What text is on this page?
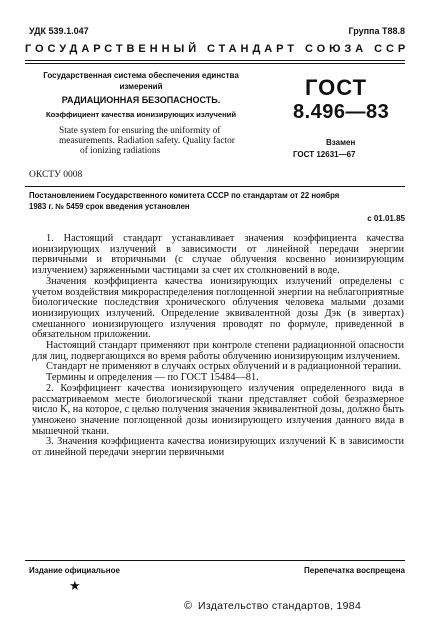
УДК 539.1.047	Группа Т88.8
ГОСУДАРСТВЕННЫЙ СТАНДАРТ СОЮЗА ССР
Государственная система обеспечения единства
измерений
РАДИАЦИОННАЯ БЕЗОПАСНОСТЬ.
Коэффициент качества ионизирующих излучений
State system for ensuring the uniformity of
measurements. Radiation safety. Quality factor
of ionizing radiations
ГОСТ
8.496—83
Взамен
ГОСТ 12631—67
ОКСТУ 0008
Постановлением Государственного комитета СССР по стандартам от 22 ноября
1983 г. № 5459 срок введения установлен
с 01.01.85

1. Настоящий стандарт устанавливает значения коэффициента качества ионизирующих излучений в зависимости от линейной передачи энергии первичными и вторичными (с случае облучения косвенно ионизирующим излучением) заряженными частицами за счет их столкновений в воде.

Значения коэффициента качества ионизирующих излучений определены с учетом воздействия микрораспределения поглощенной энергии на неблагоприятные биологические последствия хронического облучения человека малыми дозами ионизирующих излучений. Определение эквивалентной дозы Дэк (в зивертах) смешанного ионизирующего излучения проводят по формуле, приведенной в обязательном приложении.

Настоящий стандарт применяют при контроле степени радиационной опасности для лиц, подвергающихся во время работы облучению ионизирующим излучением.

Стандарт не применяют в случаях острых облучений и в радиационной терапии.

Термины и определения — по ГОСТ 15484—81.

2. Коэффициент качества ионизирующего излучения определенного вида в рассматриваемом месте биологической ткани представляет собой безразмерное число K, на которое, с целью получения значения эквивалентной дозы, должно быть умножено значение поглощенной дозы ионизирующего излучения данного вида в мышечной ткани.

3. Значения коэффициента качества ионизирующих излучений K в зависимости от линейной передачи энергии первичными

Издание официальное	Перепечатка воспрещена
★
© Издательство стандартов, 1984
